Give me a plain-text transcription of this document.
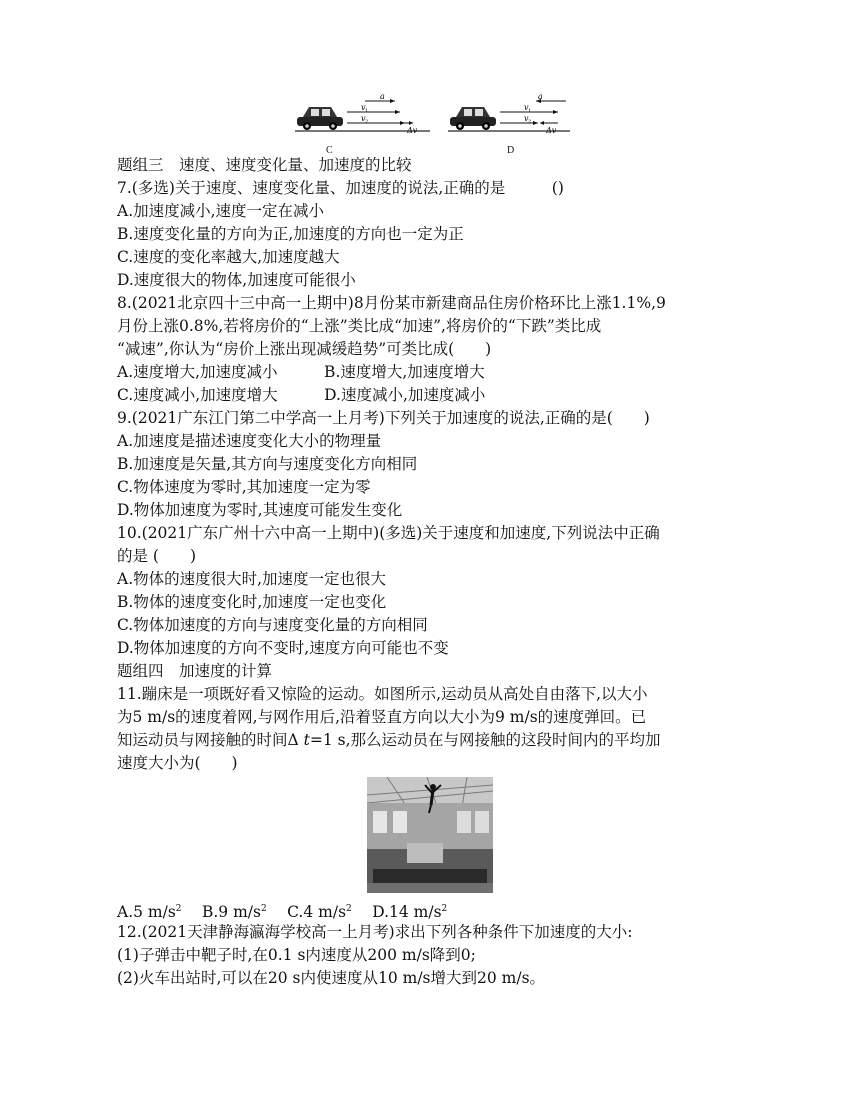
a
v 1
v 2
Δv
C
a
v 1
v 2
Δv
D
题组三　速度、速度变化量、加速度的比较
7.(多选)关于速度、速度变化量、加速度的说法,正确的是　　　()
A.加速度减小,速度一定在减小
B.速度变化量的方向为正,加速度的方向也一定为正
C.速度的变化率越大,加速度越大
D.速度很大的物体,加速度可能很小
8.(2021北京四十三中高一上期中)8月份某市新建商品住房价格环比上涨1.1%,9
月份上涨0.8%,若将房价的“上涨”类比成“加速”,将房价的“下跌”类比成
“减速”,你认为“房价上涨出现减缓趋势”可类比成(　　)
A.速度增大,加速度减小　　　B.速度增大,加速度增大
C.速度减小,加速度增大　　　D.速度减小,加速度减小
9.(2021广东江门第二中学高一上月考)下列关于加速度的说法,正确的是(　　)
A.加速度是描述速度变化大小的物理量
B.加速度是矢量,其方向与速度变化方向相同
C.物体速度为零时,其加速度一定为零
D.物体加速度为零时,其速度可能发生变化
10.(2021广东广州十六中高一上期中)(多选)关于速度和加速度,下列说法中正确
的是 (　　)
A.物体的速度很大时,加速度一定也很大
B.物体的速度变化时,加速度一定也变化
C.物体加速度的方向与速度变化量的方向相同
D.物体加速度的方向不变时,速度方向可能也不变
题组四　加速度的计算
11.蹦床是一项既好看又惊险的运动。如图所示,运动员从高处自由落下,以大小
为5 m/s的速度着网,与网作用后,沿着竖直方向以大小为9 m/s的速度弹回。已
知运动员与网接触的时间Δ t=1 s,那么运动员在与网接触的这段时间内的平均加
速度大小为(　　)
A.5 $m/s^2$　 B.9 $m/s^2$　 C.4 $m/s^2$　 D.14 $m/s^2$
12.(2021天津静海瀛海学校高一上月考)求出下列各种条件下加速度的大小:
(1)子弹击中靶子时,在0.1 s内速度从200 m/s降到0;
(2)火车出站时,可以在20 s内使速度从10 m/s增大到20 m/s。
